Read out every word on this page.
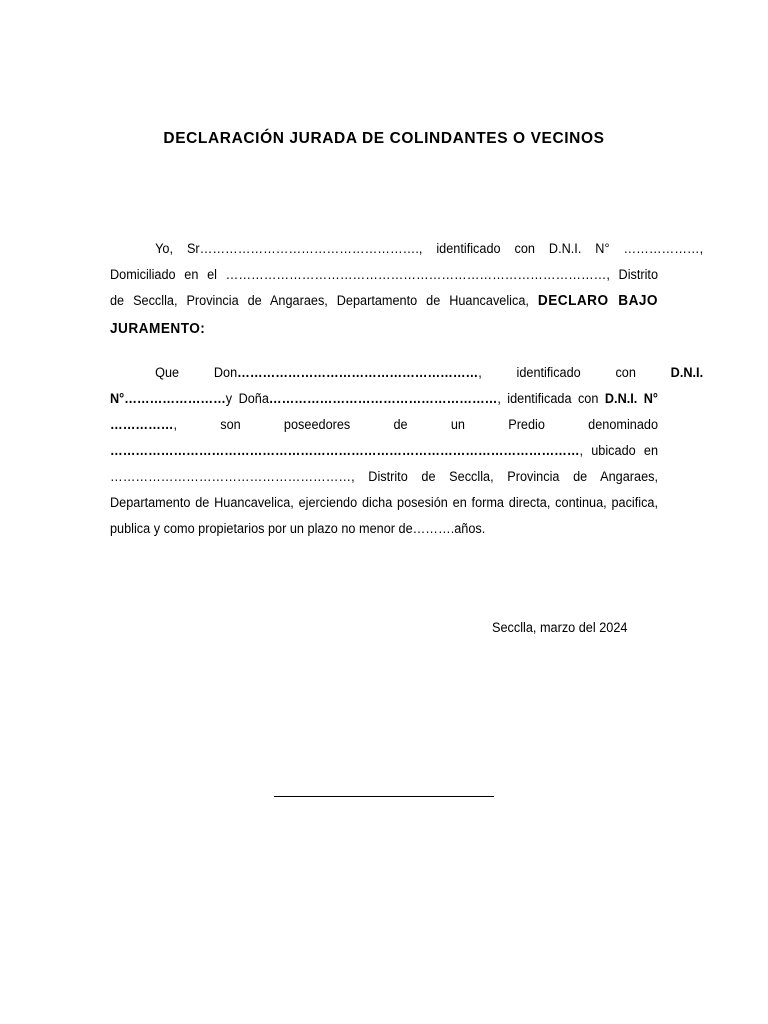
DECLARACIÓN JURADA DE COLINDANTES O VECINOS
Yo, Sr……………………………………………., identificado con D.N.I. N° ………………,
Domiciliado en el ………………………………………………………………………………, Distrito
de Secclla, Provincia de Angaraes, Departamento de Huancavelica, DECLARO BAJO
JURAMENTO:
Que Don…………………………………………………, identificado con	D.N.I.
N°……………………y Doña………………………………………………, identificada con D.N.I. N°
……………, son poseedores de un Predio denominado
…………………………………………………………………………………………………, ubicado en
…………………………………………………, Distrito de Secclla, Provincia de Angaraes,
Departamento de Huancavelica, ejerciendo dicha posesión en forma directa, continua, pacifica,
publica y como propietarios por un plazo no menor de……….años.

Secclla, marzo del 2024
